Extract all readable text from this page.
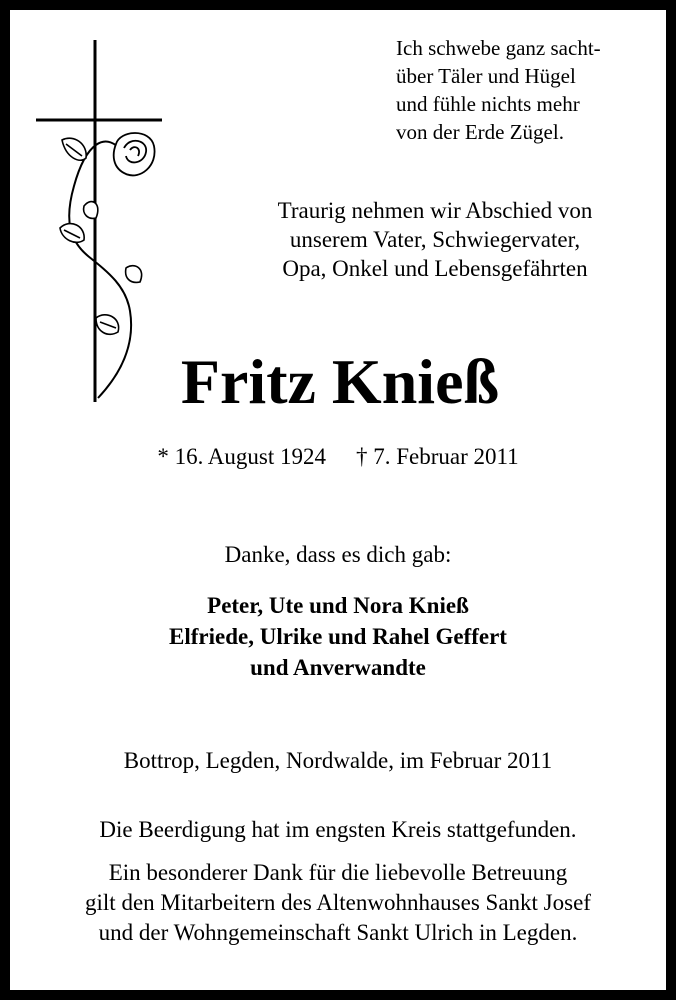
Ich schwebe ganz sacht-
über Täler und Hügel
und fühle nichts mehr
von der Erde Zügel.
Traurig nehmen wir Abschied von
unserem Vater, Schwiegervater,
Opa, Onkel und Lebensgefährten
Fritz Knieß
* 16. August 1924 † 7. Februar 2011
Danke, dass es dich gab:
Peter, Ute und Nora Knieß
Elfriede, Ulrike und Rahel Geffert
und Anverwandte
Bottrop, Legden, Nordwalde, im Februar 2011
Die Beerdigung hat im engsten Kreis stattgefunden.
Ein besonderer Dank für die liebevolle Betreuung
gilt den Mitarbeitern des Altenwohnhauses Sankt Josef
und der Wohngemeinschaft Sankt Ulrich in Legden.
